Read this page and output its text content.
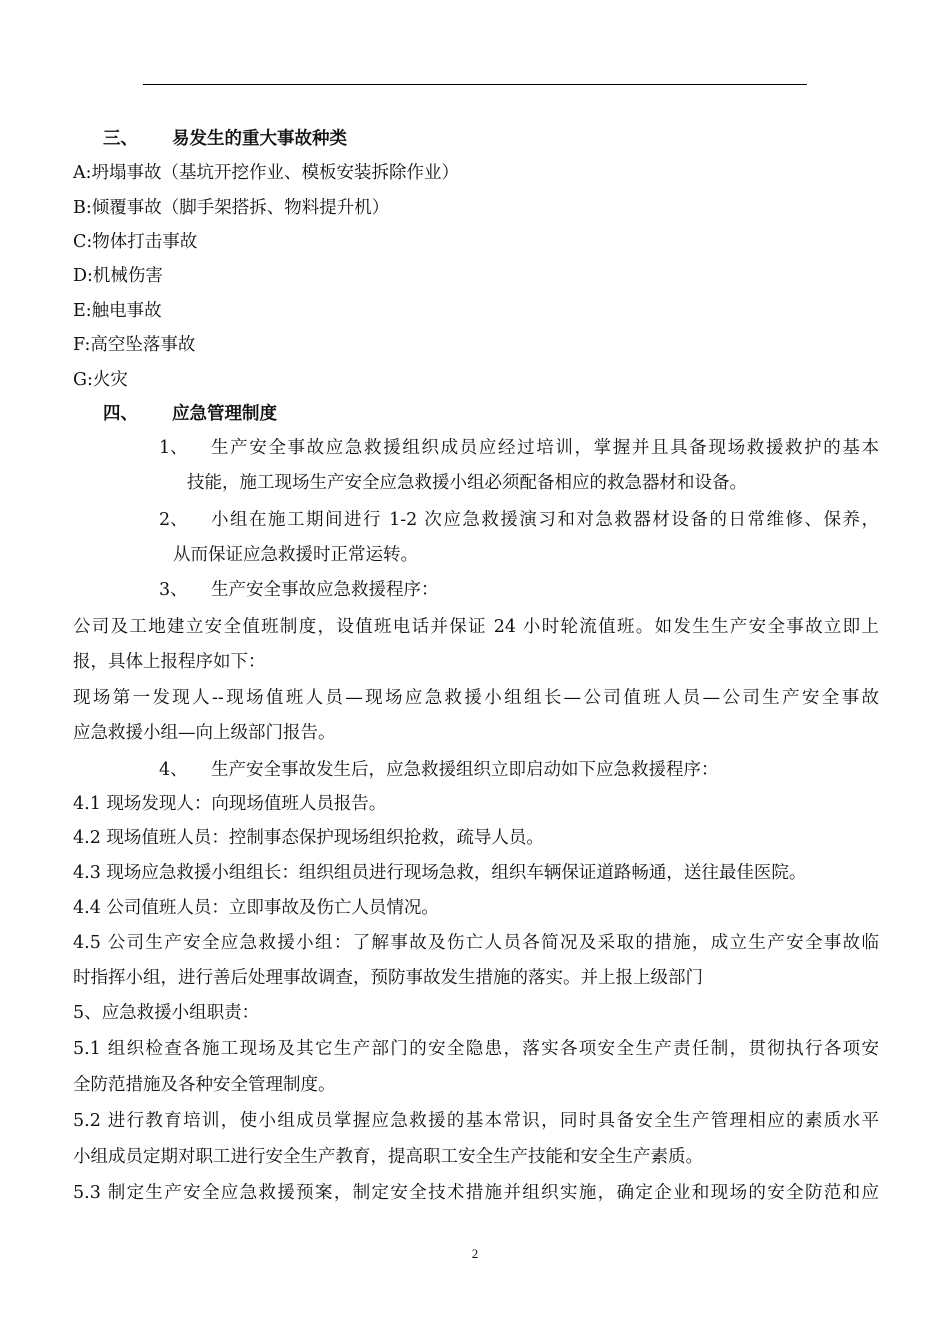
三、 易发生的重大事故种类
A:坍塌事故（基坑开挖作业、模板安装拆除作业）
B:倾覆事故（脚手架搭拆、物料提升机）
C:物体打击事故
D:机械伤害
E:触电事故
F:高空坠落事故
G:火灾
四、 应急管理制度
1、 生产安全事故应急救援组织成员应经过培训，掌握并且具备现场救援救护的基本
技能，施工现场生产安全应急救援小组必须配备相应的救急器材和设备。
2、 小组在施工期间进行 1-2 次应急救援演习和对急救器材设备的日常维修、保养，
从而保证应急救援时正常运转。
3、 生产安全事故应急救援程序：
公司及工地建立安全值班制度，设值班电话并保证 24 小时轮流值班。如发生生产安全事故立即上
报，具体上报程序如下：
现场第一发现人--现场值班人员—现场应急救援小组组长—公司值班人员—公司生产安全事故
应急救援小组—向上级部门报告。
4、 生产安全事故发生后，应急救援组织立即启动如下应急救援程序：
4.1 现场发现人：向现场值班人员报告。
4.2 现场值班人员：控制事态保护现场组织抢救，疏导人员。
4.3 现场应急救援小组组长：组织组员进行现场急救，组织车辆保证道路畅通，送往最佳医院。
4.4 公司值班人员：立即事故及伤亡人员情况。
4.5 公司生产安全应急救援小组：了解事故及伤亡人员各简况及采取的措施，成立生产安全事故临
时指挥小组，进行善后处理事故调查，预防事故发生措施的落实。并上报上级部门
5、应急救援小组职责：
5.1 组织检查各施工现场及其它生产部门的安全隐患，落实各项安全生产责任制，贯彻执行各项安
全防范措施及各种安全管理制度。
5.2 进行教育培训，使小组成员掌握应急救援的基本常识，同时具备安全生产管理相应的素质水平
小组成员定期对职工进行安全生产教育，提高职工安全生产技能和安全生产素质。
5.3 制定生产安全应急救援预案，制定安全技术措施并组织实施，确定企业和现场的安全防范和应
2
